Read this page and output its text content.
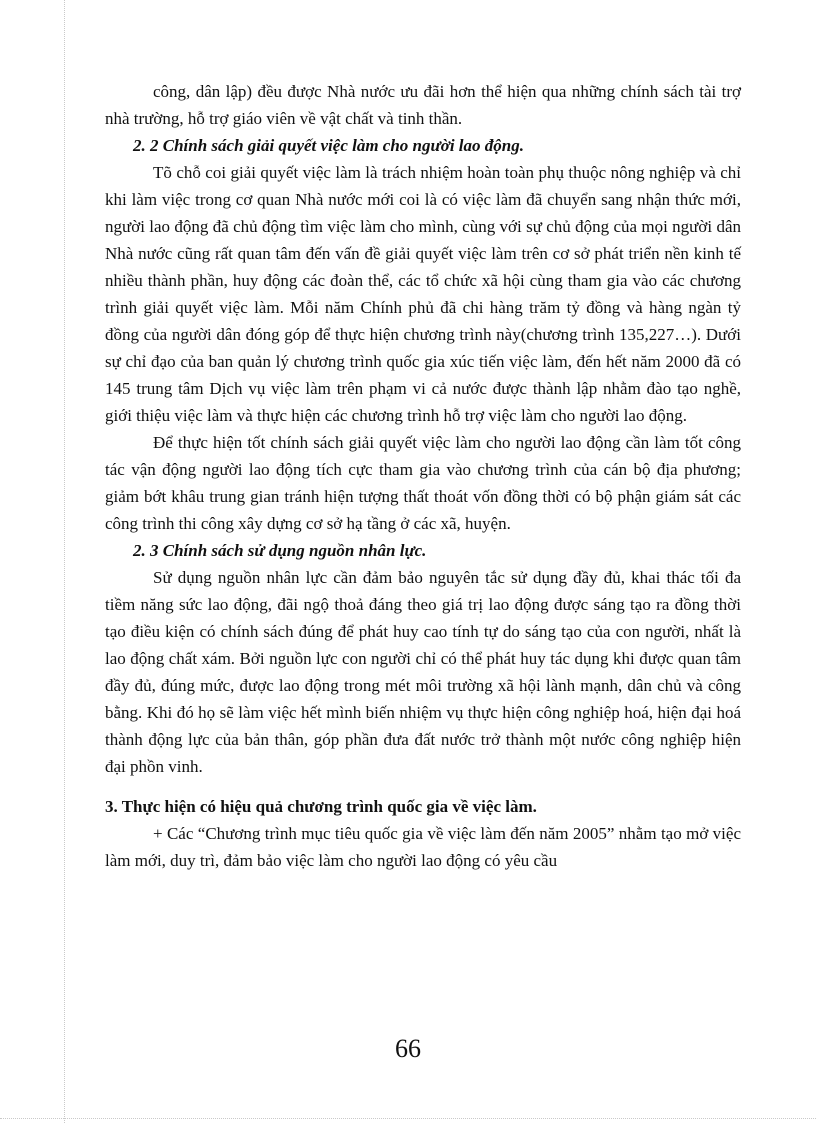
công, dân lập) đều được Nhà nước ưu đãi hơn thể hiện qua những chính sách tài trợ nhà trường, hỗ trợ giáo viên về vật chất và tinh thần.

2. 2 Chính sách giải quyết việc làm cho người lao động.

Tõ chỗ coi giải quyết việc làm là trách nhiệm hoàn toàn phụ thuộc nông nghiệp và chỉ khi làm việc trong cơ quan Nhà nước mới coi là có việc làm đã chuyển sang nhận thức mới, người lao động đã chủ động tìm việc làm cho mình, cùng với sự chủ động của mọi người dân Nhà nước cũng rất quan tâm đến vấn đề giải quyết việc làm trên cơ sở phát triển nền kinh tế nhiều thành phần, huy động các đoàn thể, các tổ chức xã hội cùng tham gia vào các chương trình giải quyết việc làm. Mỗi năm Chính phủ đã chi hàng trăm tỷ đồng và hàng ngàn tỷ đồng của người dân đóng góp để thực hiện chương trình này(chương trình 135,227…). Dưới sự chỉ đạo của ban quản lý chương trình quốc gia xúc tiến việc làm, đến hết năm 2000 đã có 145 trung tâm Dịch vụ việc làm trên phạm vi cả nước được thành lập nhằm đào tạo nghề, giới thiệu việc làm và thực hiện các chương trình hỗ trợ việc làm cho người lao động.

Để thực hiện tốt chính sách giải quyết việc làm cho người lao động cần làm tốt công tác vận động người lao động tích cực tham gia vào chương trình của cán bộ địa phương; giảm bớt khâu trung gian tránh hiện tượng thất thoát vốn đồng thời có bộ phận giám sát các công trình thi công xây dựng cơ sở hạ tầng ở các xã, huyện.

2. 3 Chính sách sử dụng nguồn nhân lực.

Sử dụng nguồn nhân lực cần đảm bảo nguyên tắc sử dụng đầy đủ, khai thác tối đa tiềm năng sức lao động, đãi ngộ thoả đáng theo giá trị lao động được sáng tạo ra đồng thời tạo điều kiện có chính sách đúng để phát huy cao tính tự do sáng tạo của con người, nhất là lao động chất xám. Bởi nguồn lực con người chỉ có thể phát huy tác dụng khi được quan tâm đầy đủ, đúng mức, được lao động trong mét môi trường xã hội lành mạnh, dân chủ và công bằng. Khi đó họ sẽ làm việc hết mình biến nhiệm vụ thực hiện công nghiệp hoá, hiện đại hoá thành động lực của bản thân, góp phần đưa đất nước trở thành một nước công nghiệp hiện đại phồn vinh.

3. Thực hiện có hiệu quả chương trình quốc gia về việc làm.

+ Các “Chương trình mục tiêu quốc gia về việc làm đến năm 2005” nhằm tạo mở việc làm mới, duy trì, đảm bảo việc làm cho người lao động có yêu cầu

66
